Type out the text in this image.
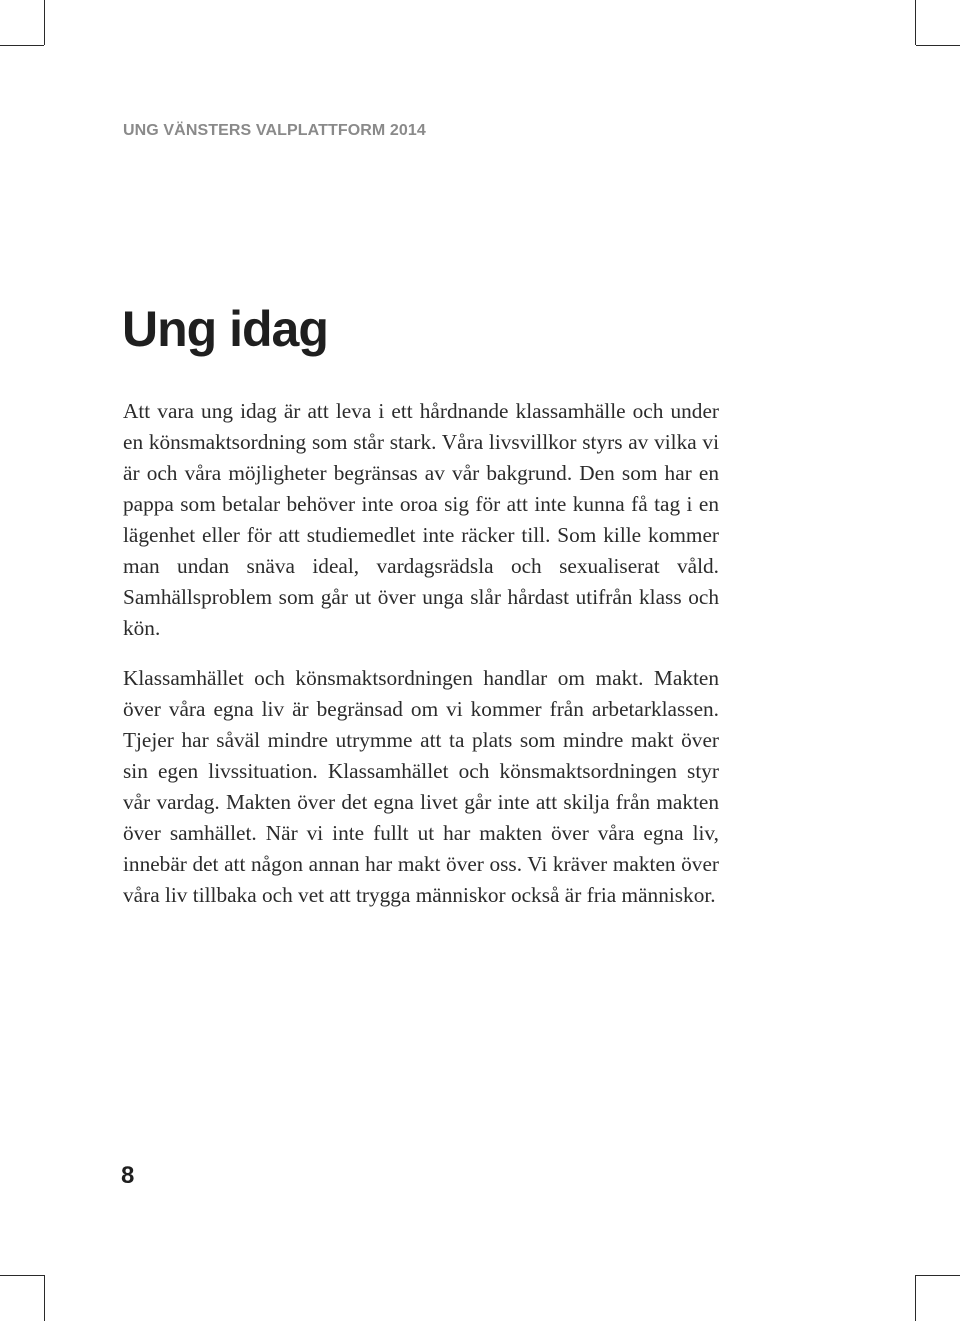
UNG VÄNSTERS VALPLATTFORM 2014
Ung idag

Att vara ung idag är att leva i ett hårdnande klassamhälle och under en könsmaktsordning som står stark. Våra livsvillkor styrs av vilka vi är och våra möjligheter begränsas av vår bakgrund. Den som har en pappa som betalar behöver inte oroa sig för att inte kunna få tag i en lägenhet eller för att studiemedlet inte räcker till. Som kille kommer man undan snäva ideal, vardagsrädsla och sexualiserat våld. Samhällsproblem som går ut över unga slår hårdast utifrån klass och kön.

Klassamhället och könsmaktsordningen handlar om makt. Makten över våra egna liv är begränsad om vi kommer från arbetarklassen. Tjejer har såväl mindre utrymme att ta plats som mindre makt över sin egen livssituation. Klassamhället och könsmaktsordningen styr vår vardag. Makten över det egna livet går inte att skilja från makten över samhället. När vi inte fullt ut har makten över våra egna liv, innebär det att någon annan har makt över oss. Vi kräver makten över våra liv tillbaka och vet att trygga människor också är fria människor.

8
